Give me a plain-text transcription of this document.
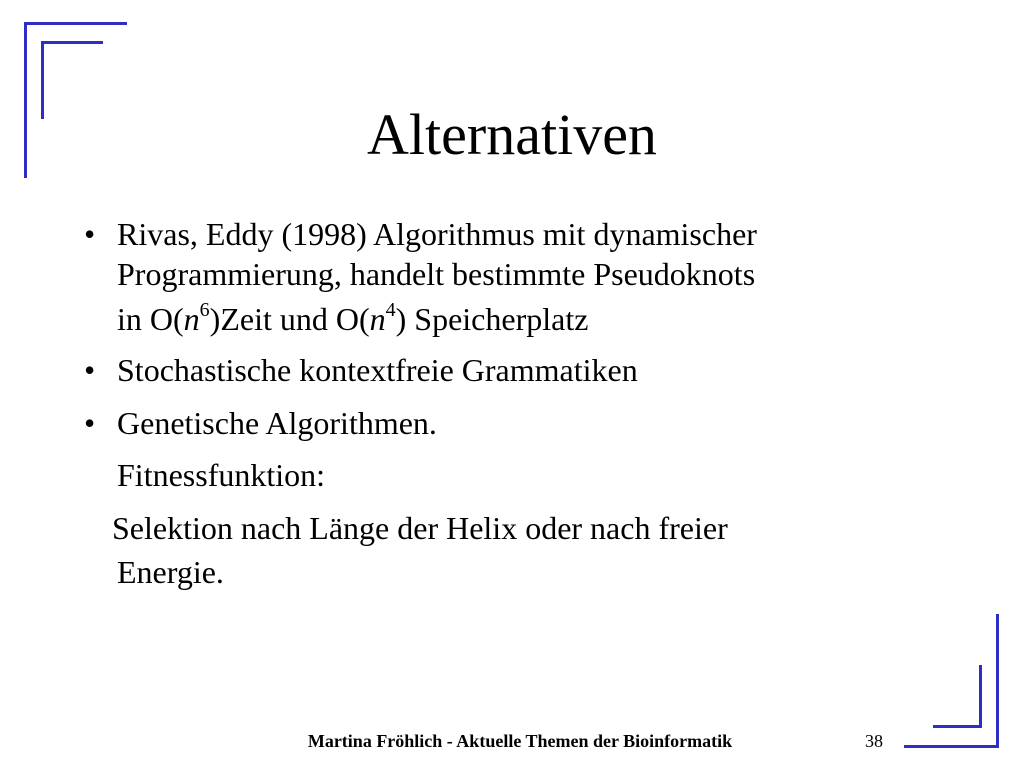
Alternativen
• Rivas, Eddy (1998) Algorithmus mit dynamischer
Programmierung, handelt bestimmte Pseudoknots
in $O(n^6)Zeit$ und $O(n^4)$ Speicherplatz
• Stochastische kontextfreie Grammatiken
• Genetische Algorithmen.
Fitnessfunktion:
Selektion nach Länge der Helix oder nach freier
Energie.
Martina Fröhlich - Aktuelle Themen der Bioinformatik	38
